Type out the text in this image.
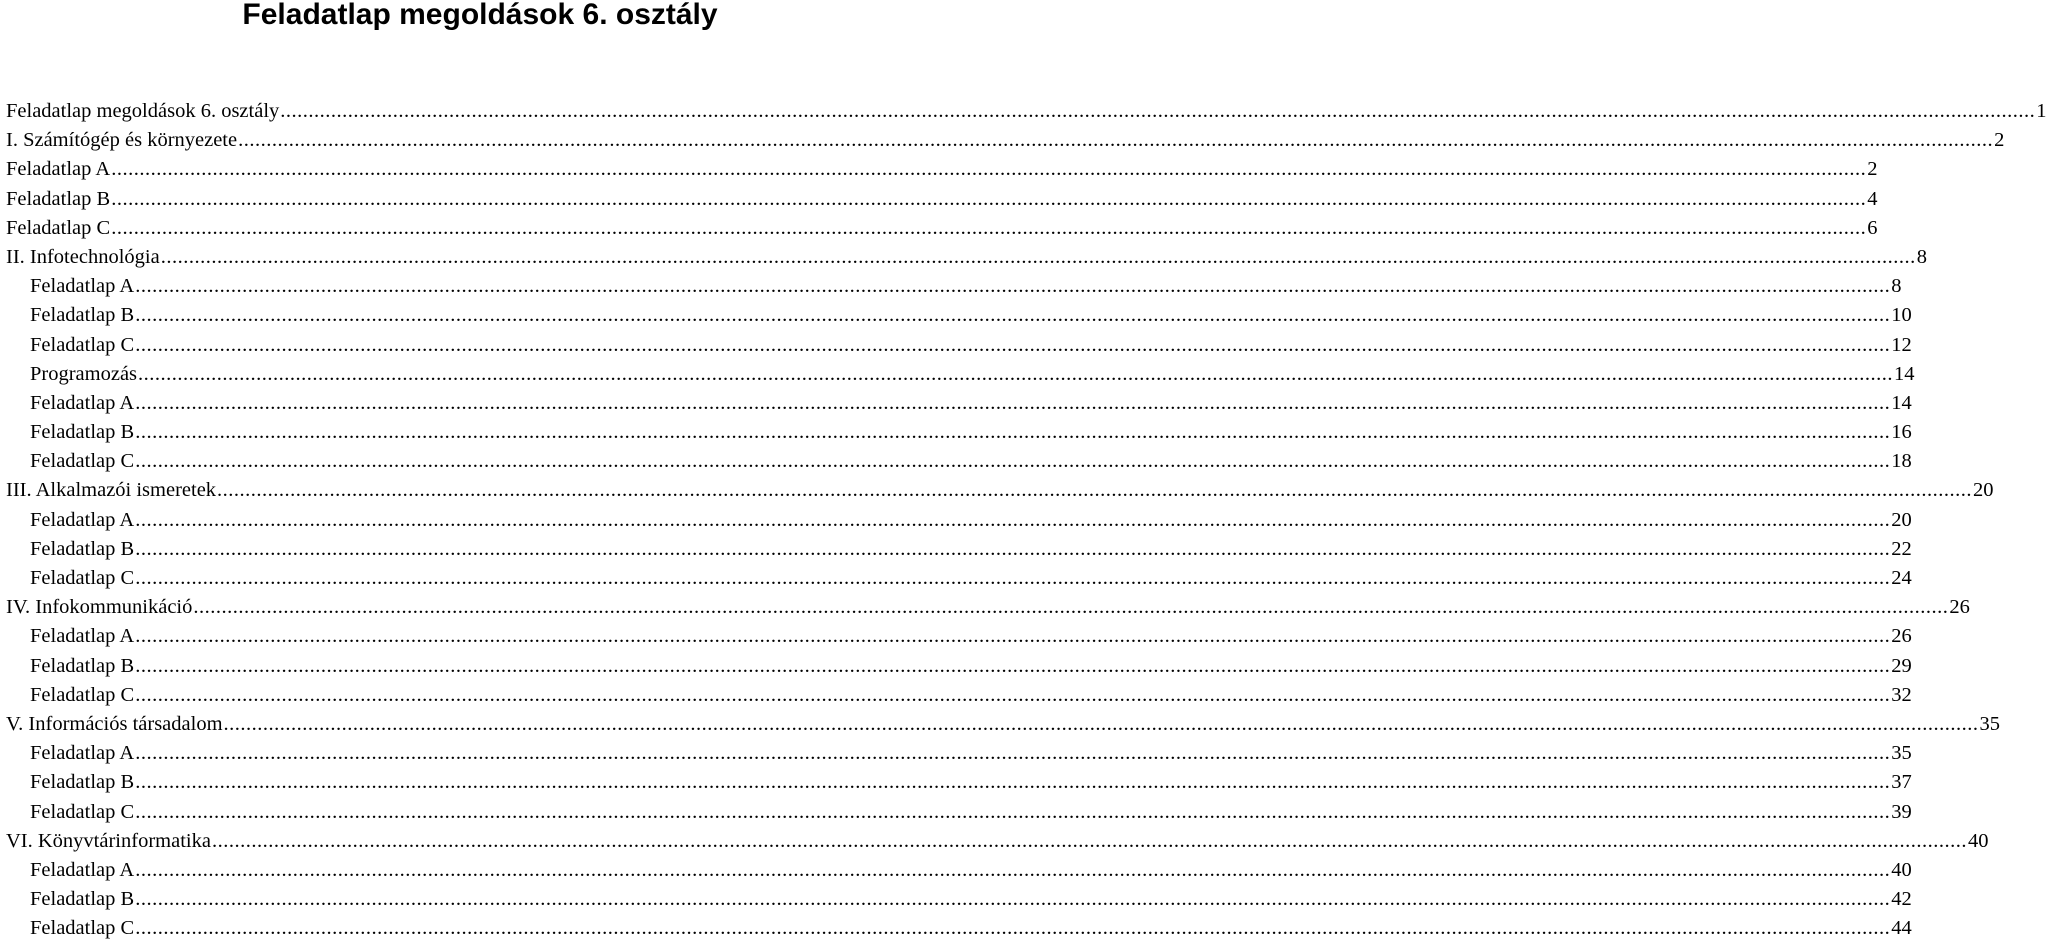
Feladatlap megoldások 6. osztály
Feladatlap megoldások 6. osztály .....	1
I. Számítógép és környezete .....	2
Feladatlap A .....	2
Feladatlap B .....	4
Feladatlap C .....	6
II. Infotechnológia .....	8
Feladatlap A .....	8
Feladatlap B .....	10
Feladatlap C .....	12
Programozás .....	14
Feladatlap A .....	14
Feladatlap B .....	16
Feladatlap C .....	18
III. Alkalmazói ismeretek .....	20
Feladatlap A .....	20
Feladatlap B .....	22
Feladatlap C .....	24
IV. Infokommunikáció .....	26
Feladatlap A .....	26
Feladatlap B .....	29
Feladatlap C .....	32
V. Információs társadalom .....	35
Feladatlap A .....	35
Feladatlap B .....	37
Feladatlap C .....	39
VI. Könyvtárinformatika .....	40
Feladatlap A .....	40
Feladatlap B .....	42
Feladatlap C .....	44
